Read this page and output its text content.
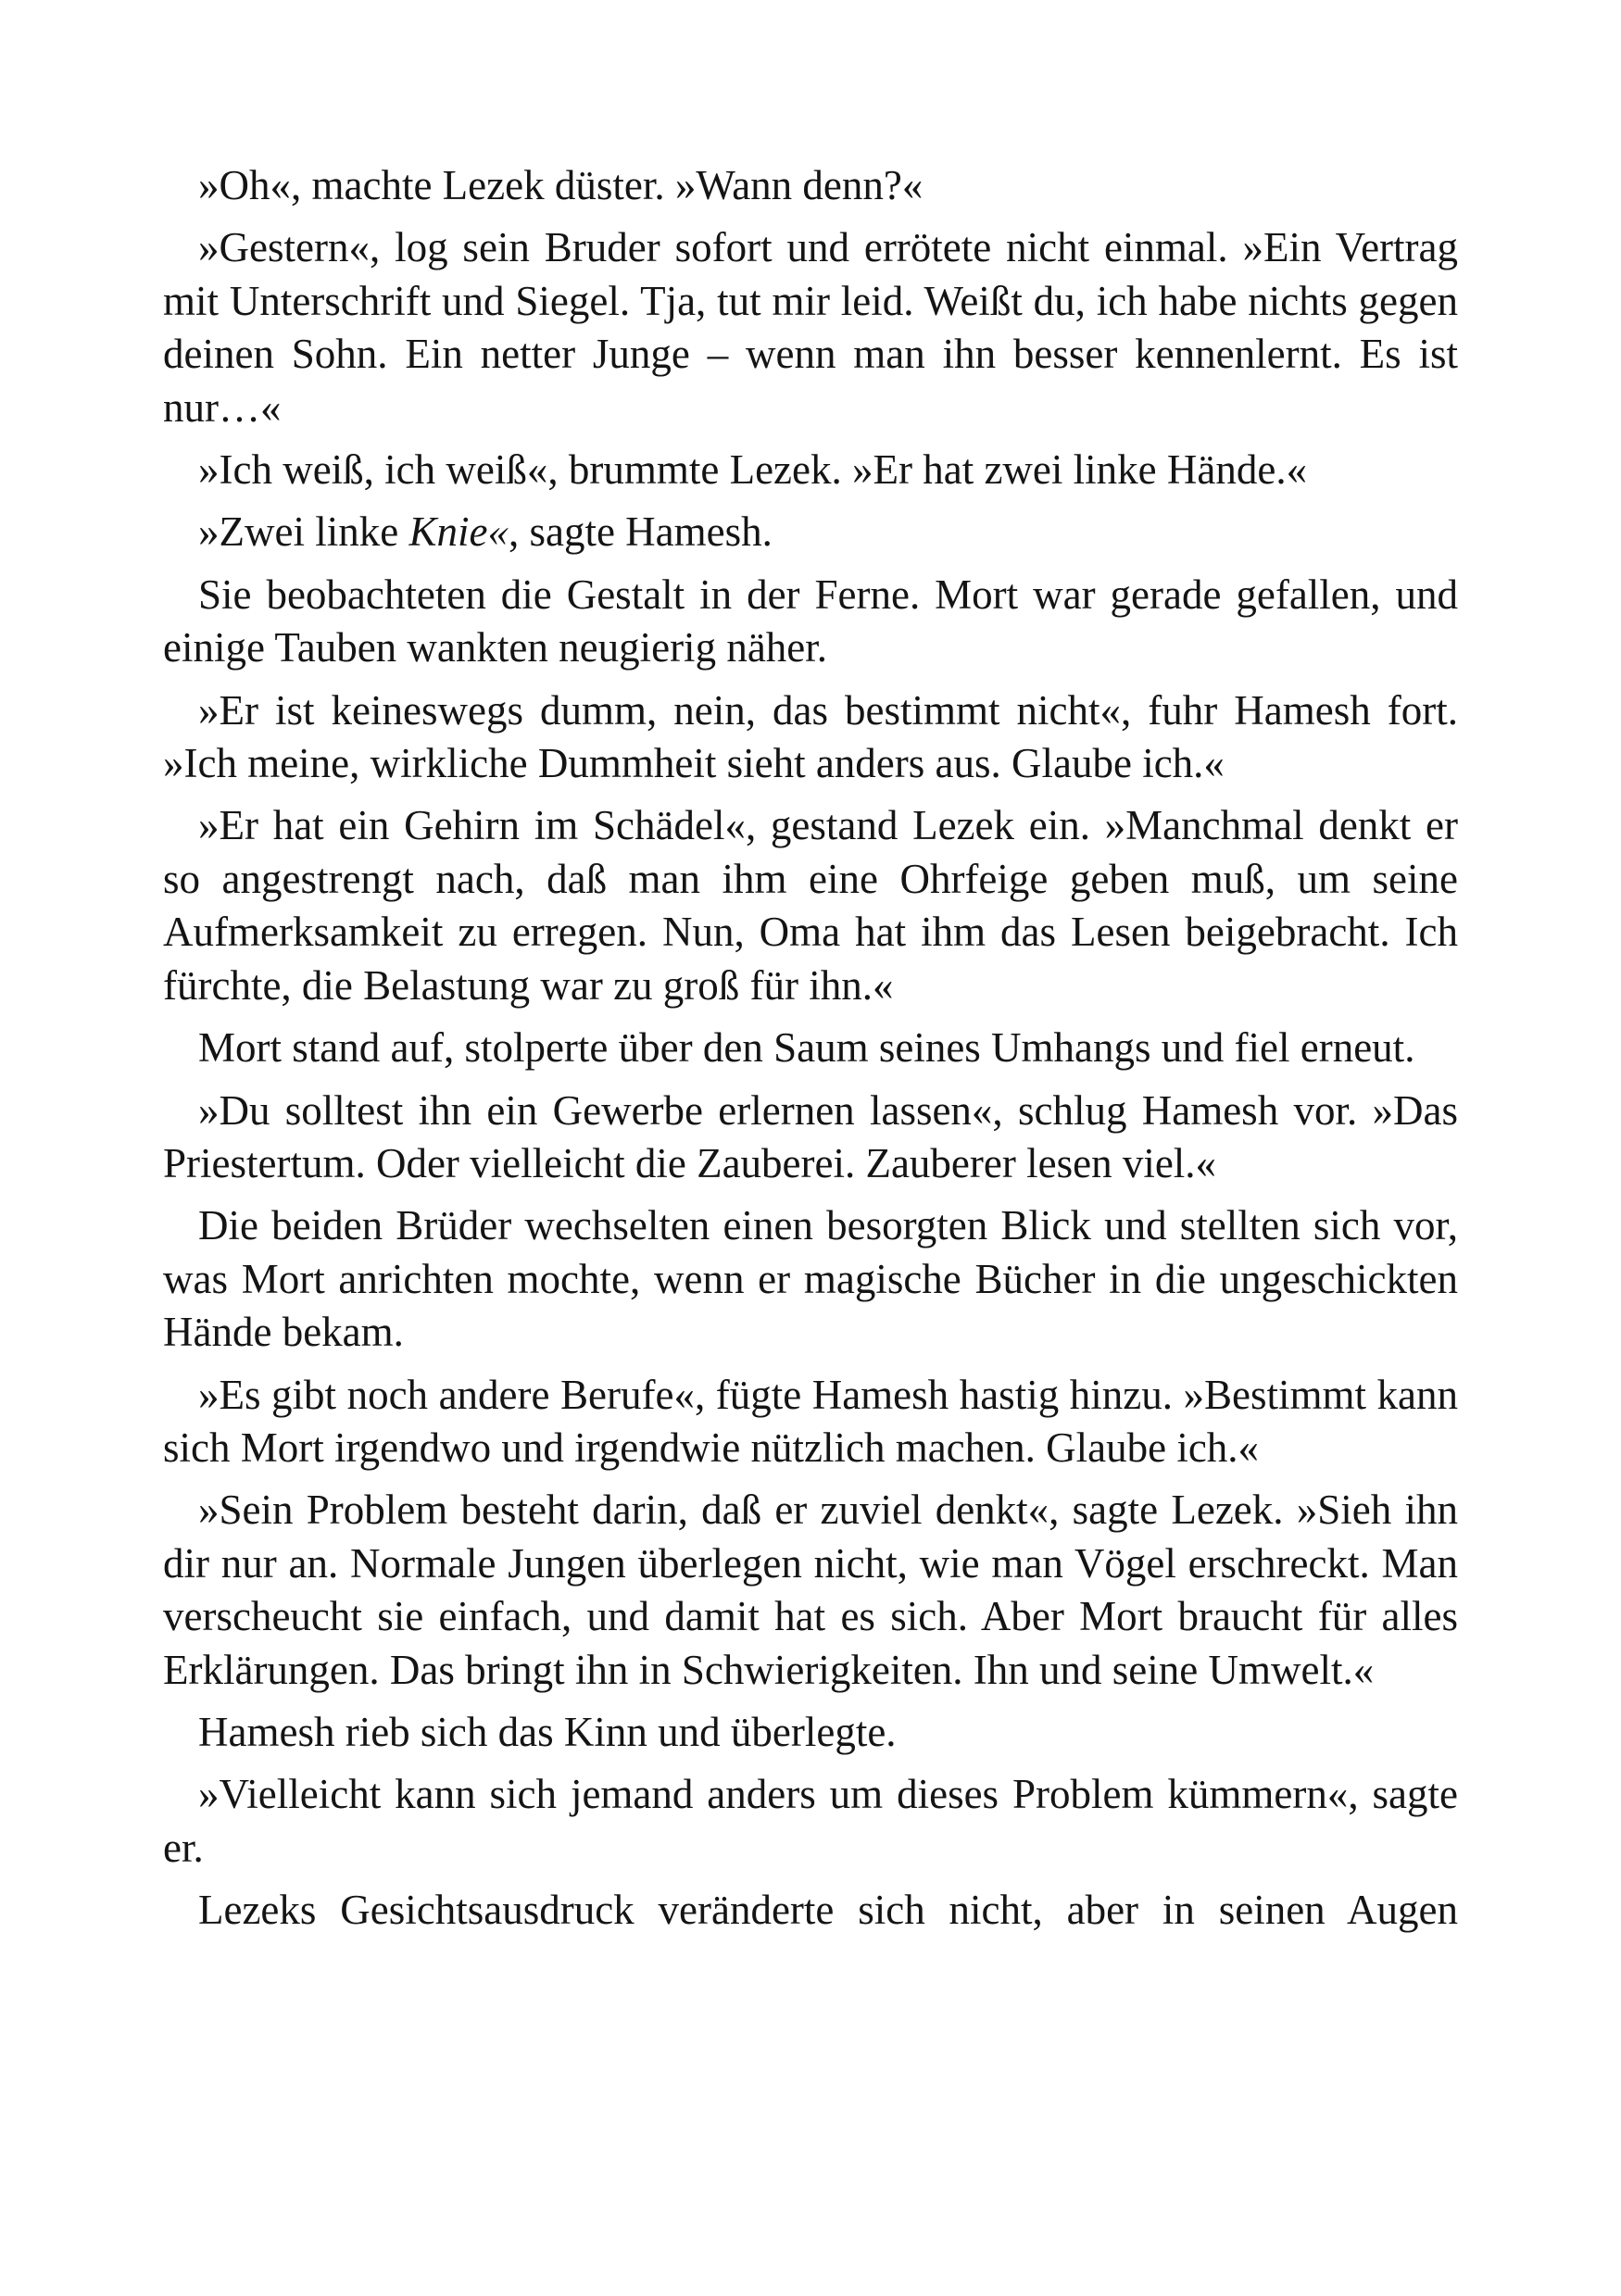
»Oh«, machte Lezek düster. »Wann denn?«

»Gestern«, log sein Bruder sofort und errötete nicht einmal. »Ein Vertrag mit Unterschrift und Siegel. Tja, tut mir leid. Weißt du, ich habe nichts gegen deinen Sohn. Ein netter Junge – wenn man ihn besser kennenlernt. Es ist nur…«

»Ich weiß, ich weiß«, brummte Lezek. »Er hat zwei linke Hände.«

»Zwei linke Knie«, sagte Hamesh.

Sie beobachteten die Gestalt in der Ferne. Mort war gerade gefallen, und einige Tauben wankten neugierig näher.

»Er ist keineswegs dumm, nein, das bestimmt nicht«, fuhr Hamesh fort. »Ich meine, wirkliche Dummheit sieht anders aus. Glaube ich.«

»Er hat ein Gehirn im Schädel«, gestand Lezek ein. »Manchmal denkt er so angestrengt nach, daß man ihm eine Ohrfeige geben muß, um seine Aufmerksamkeit zu erregen. Nun, Oma hat ihm das Lesen beigebracht. Ich fürchte, die Belastung war zu groß für ihn.«

Mort stand auf, stolperte über den Saum seines Umhangs und fiel erneut.

»Du solltest ihn ein Gewerbe erlernen lassen«, schlug Hamesh vor. »Das Priestertum. Oder vielleicht die Zauberei. Zauberer lesen viel.«

Die beiden Brüder wechselten einen besorgten Blick und stellten sich vor, was Mort anrichten mochte, wenn er magische Bücher in die ungeschickten Hände bekam.

»Es gibt noch andere Berufe«, fügte Hamesh hastig hinzu. »Bestimmt kann sich Mort irgendwo und irgendwie nützlich machen. Glaube ich.«

»Sein Problem besteht darin, daß er zuviel denkt«, sagte Lezek. »Sieh ihn dir nur an. Normale Jungen überlegen nicht, wie man Vögel erschreckt. Man verscheucht sie einfach, und damit hat es sich. Aber Mort braucht für alles Erklärungen. Das bringt ihn in Schwierigkeiten. Ihn und seine Umwelt.«

Hamesh rieb sich das Kinn und überlegte.

»Vielleicht kann sich jemand anders um dieses Problem kümmern«, sagte er.

Lezeks Gesichtsausdruck veränderte sich nicht, aber in seinen Augen
